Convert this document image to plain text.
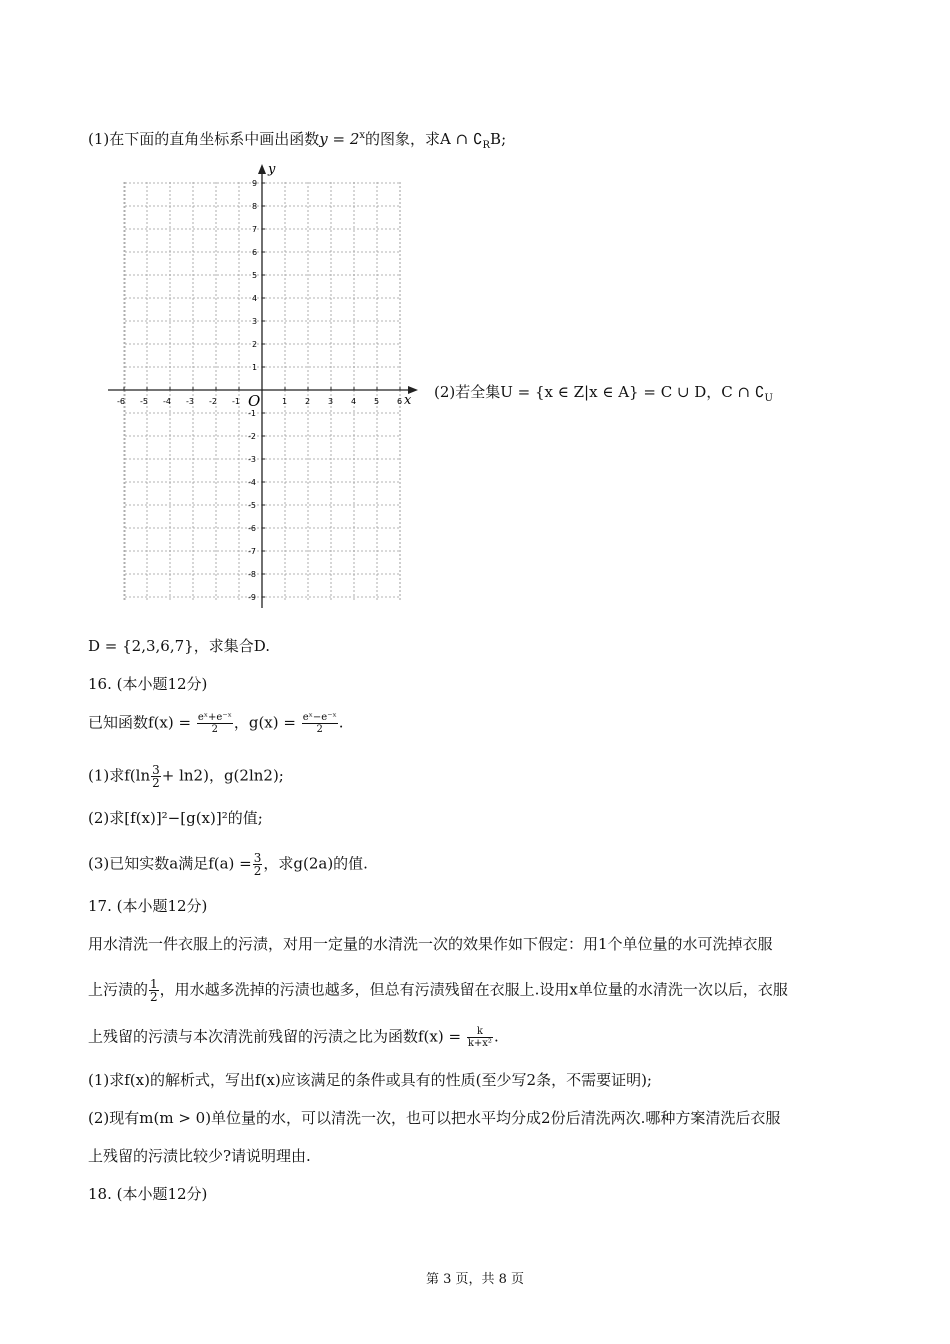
(1)在下面的直角坐标系中画出函数$y = 2^x$的图象，求A ∩ $∁_RB$;
x
y
O
-6 -5 -4 -3 -2 -1	1 2 3 4 5 6
9
8
7
6
5
4
3
2
1
-1
-2
-3
-4
-5
-6
-7
-8
-9
(2)若全集U = {x ∈ Z|x ∈ A} = C ∪ D，C ∩ $∁_U$
D = {2,3,6,7}，求集合D.
16. (本小题12分)
已知函数$f(x) = \frac{\text{eˣ+e⁻ˣ}}{2}$ ，$g(x) = \frac{\text{eˣ−e⁻ˣ}}{2}$ .
(1)求$f(\ln \frac{3}{2} + \ln 2)$，g(2ln2);
(2)求[f(x)]²−[g(x)]²的值;
(3)已知实数a满足$f(a) = \frac{3}{2}$ ，求g(2a)的值.
17. (本小题12分)
用水清洗一件衣服上的污渍，对用一定量的水清洗一次的效果作如下假定：用1个单位量的水可洗掉衣服
上污渍的 $\frac{1}{2}$ ，用水越多洗掉的污渍也越多，但总有污渍残留在衣服上.设用x单位量的水清洗一次以后，衣服
上残留的污渍与本次清洗前残留的污渍之比为函数$f(x) = \frac{k}{\text{k+x²}}$ .
(1)求f(x)的解析式，写出f(x)应该满足的条件或具有的性质(至少写2条，不需要证明);
(2)现有m(m > 0)单位量的水，可以清洗一次，也可以把水平均分成2份后清洗两次.哪种方案清洗后衣服
上残留的污渍比较少?请说明理由.
18. (本小题12分)
第 3 页，共 8 页
